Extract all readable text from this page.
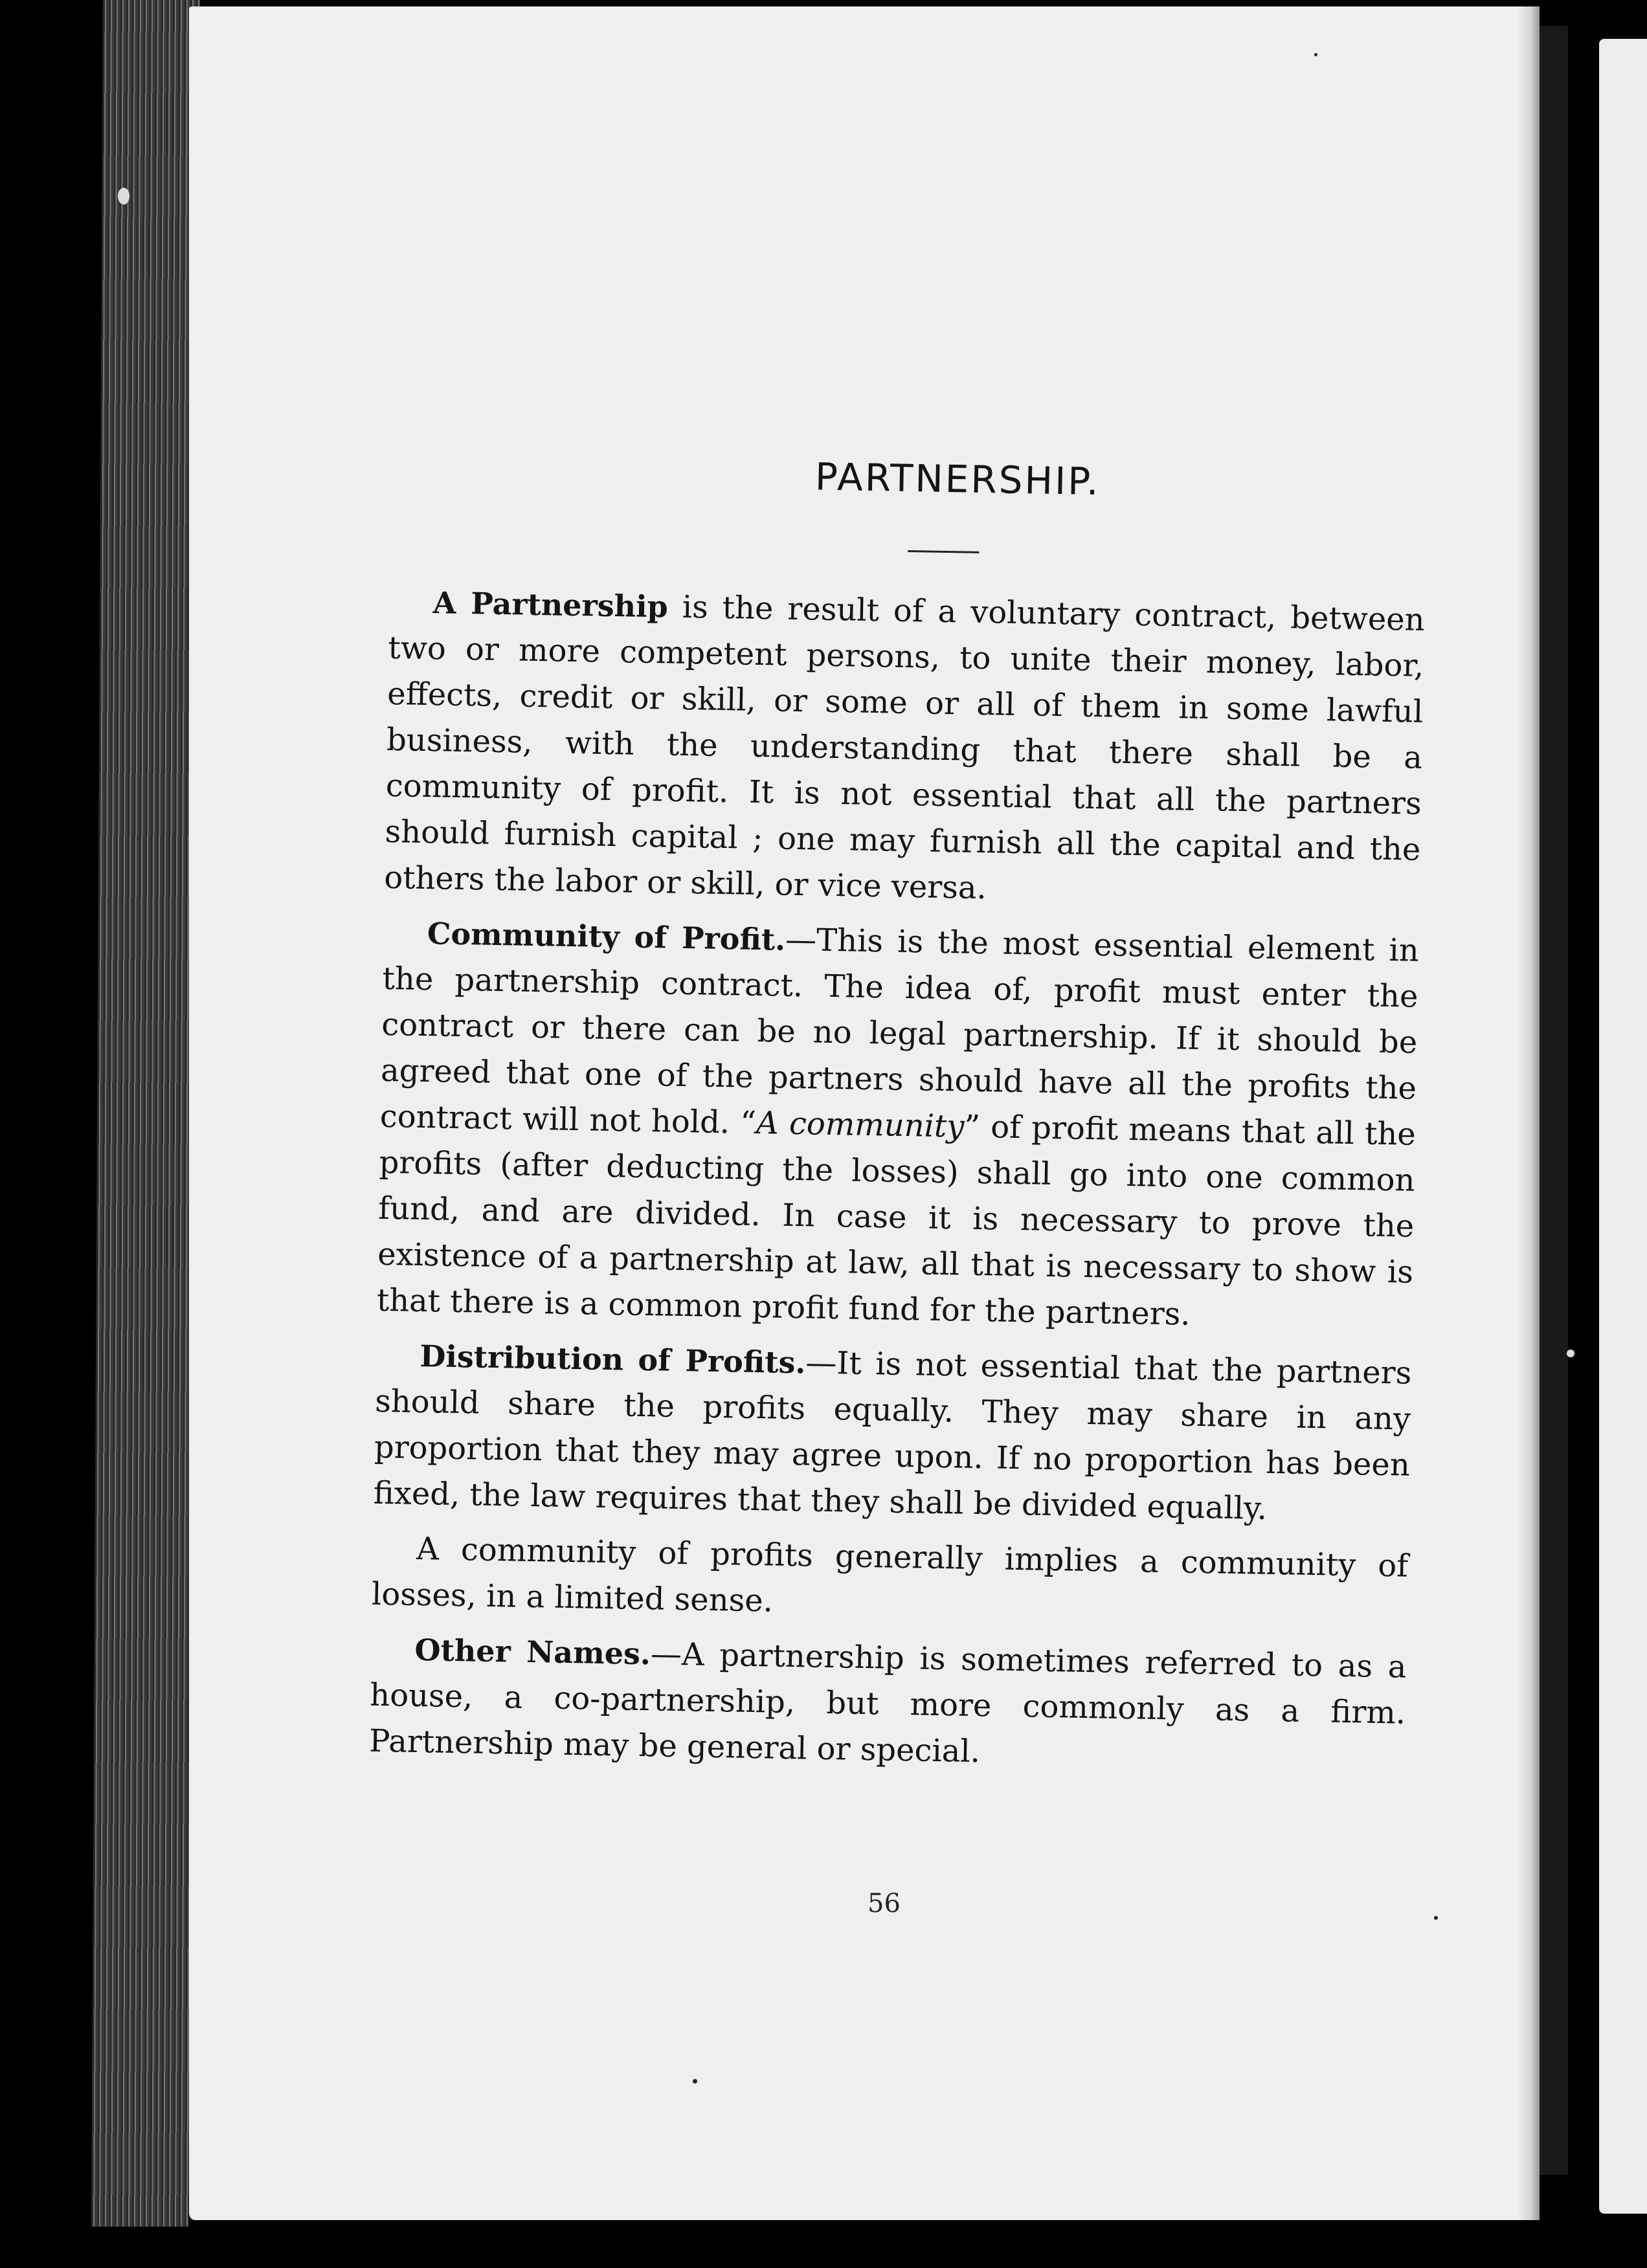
PARTNERSHIP.

A Partnership is the result of a voluntary contract, between two or more competent persons, to unite their money, labor, effects, credit or skill, or some or all of them in some lawful business, with the understanding that there shall be a community of profit. It is not essential that all the partners should furnish capital ; one may furnish all the capital and the others the labor or skill, or vice versa.

Community of Profit.—This is the most essential element in the partnership contract. The idea of, profit must enter the contract or there can be no legal partnership. If it should be agreed that one of the partners should have all the profits the contract will not hold. “A community” of profit means that all the profits (after deducting the losses) shall go into one common fund, and are divided. In case it is necessary to prove the existence of a partnership at law, all that is necessary to show is that there is a common profit fund for the partners.

Distribution of Profits.—It is not essential that the partners should share the profits equally. They may share in any proportion that they may agree upon. If no proportion has been fixed, the law requires that they shall be divided equally.

A community of profits generally implies a community of losses, in a limited sense.

Other Names.—A partnership is sometimes referred to as a house, a co-partnership, but more commonly as a firm. Partnership may be general or special.

56
